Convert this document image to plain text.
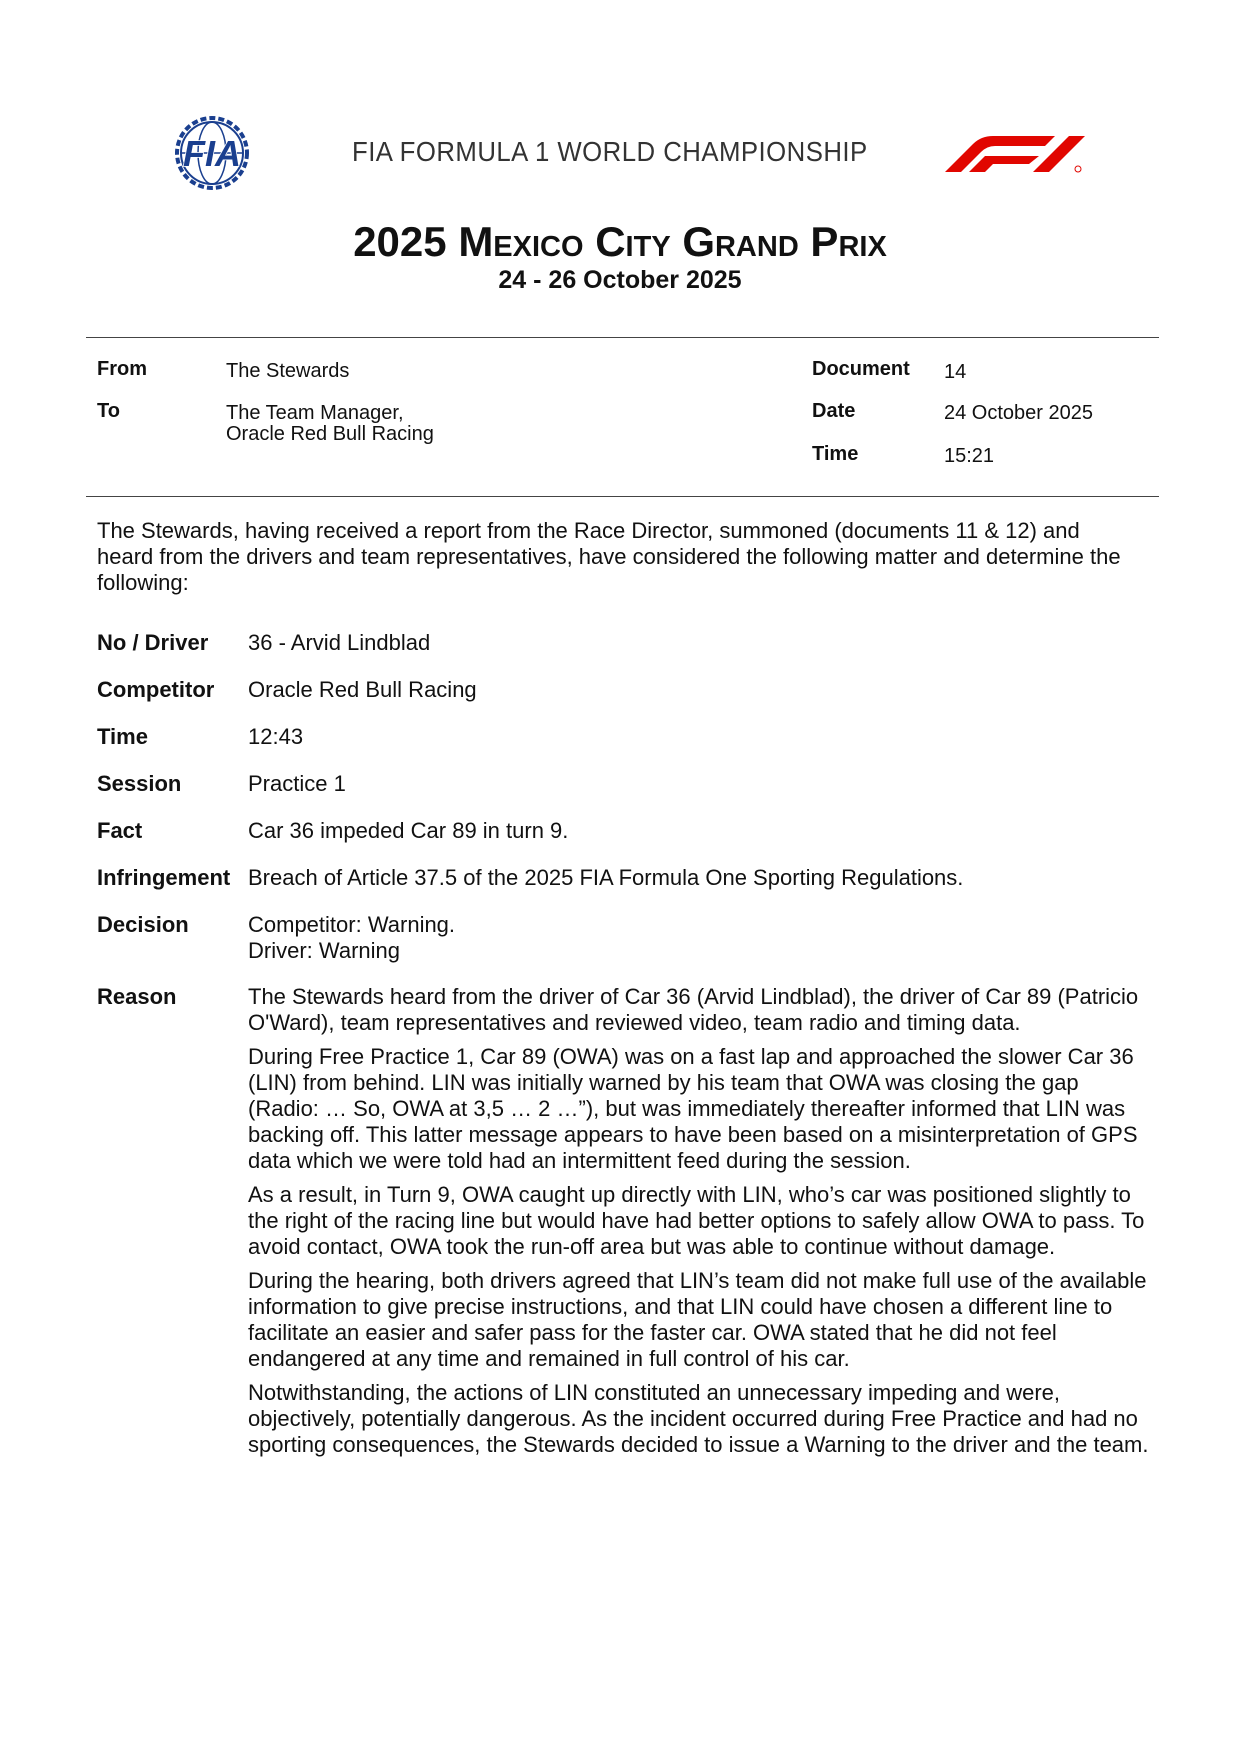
FIA	FIA FORMULA 1 WORLD CHAMPIONSHIP
2025 Mexico City Grand Prix
24 - 26 October 2025
From	The Stewards
To	The Team Manager,
Oracle Red Bull Racing
Document 14
Date	24 October 2025
Time	15:21
The Stewards, having received a report from the Race Director, summoned (documents 11 & 12) and heard from the drivers and team representatives, have considered the following matter and determine the following:
No / Driver 36 - Arvid Lindblad
Competitor Oracle Red Bull Racing
Time	12:43
Session	Practice 1
Fact	Car 36 impeded Car 89 in turn 9.
Infringement Breach of Article 37.5 of the 2025 FIA Formula One Sporting Regulations.
Decision	Competitor: Warning.
Driver: Warning
Reason	The Stewards heard from the driver of Car 36 (Arvid Lindblad), the driver of Car 89 (Patricio O'Ward), team representatives and reviewed video, team radio and timing data.

During Free Practice 1, Car 89 (OWA) was on a fast lap and approached the slower Car 36 (LIN) from behind. LIN was initially warned by his team that OWA was closing the gap (Radio: … So, OWA at 3,5 … 2 …”), but was immediately thereafter informed that LIN was backing off. This latter message appears to have been based on a misinterpretation of GPS data which we were told had an intermittent feed during the session.

As a result, in Turn 9, OWA caught up directly with LIN, who’s car was positioned slightly to the right of the racing line but would have had better options to safely allow OWA to pass. To avoid contact, OWA took the run-off area but was able to continue without damage.

During the hearing, both drivers agreed that LIN’s team did not make full use of the available information to give precise instructions, and that LIN could have chosen a different line to facilitate an easier and safer pass for the faster car. OWA stated that he did not feel endangered at any time and remained in full control of his car.

Notwithstanding, the actions of LIN constituted an unnecessary impeding and were, objectively, potentially dangerous. As the incident occurred during Free Practice and had no sporting consequences, the Stewards decided to issue a Warning to the driver and the team.
